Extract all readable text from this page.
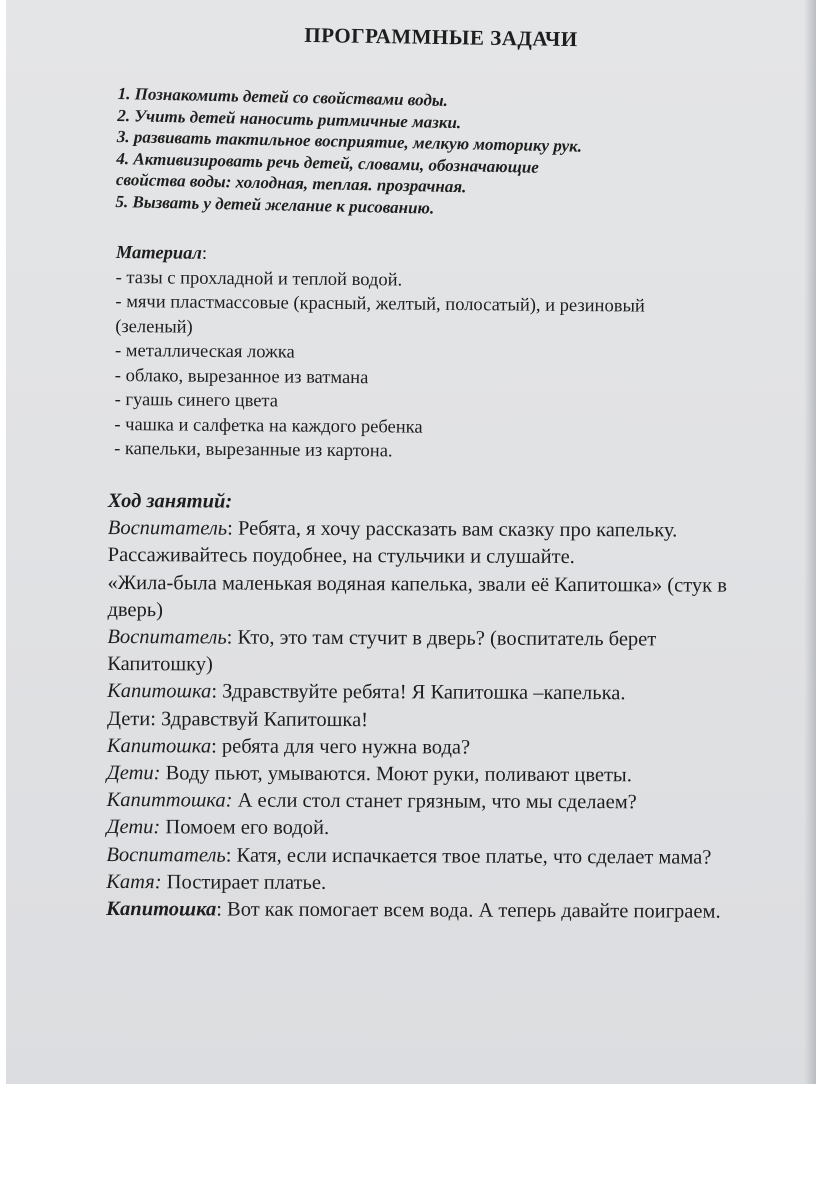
ПРОГРАММНЫЕ ЗАДАЧИ
1. Познакомить детей со свойствами воды.
2. Учить детей наносить ритмичные мазки.
3. развивать тактильное восприятие, мелкую моторику рук.
4. Активизировать речь детей, словами, обозначающие
свойства воды: холодная, теплая. прозрачная.
5. Вызвать у детей желание к рисованию.
Материал:
- тазы с прохладной и теплой водой.
- мячи пластмассовые (красный, желтый, полосатый), и резиновый
(зеленый)
- металлическая ложка
- облако, вырезанное из ватмана
- гуашь синего цвета
- чашка и салфетка на каждого ребенка
- капельки, вырезанные из картона.
Ход занятий:
Воспитатель: Ребята, я хочу рассказать вам сказку про капельку. Рассаживайтесь поудобнее, на стульчики и слушайте.
«Жила-была маленькая водяная капелька, звали её Капитошка» (стук в дверь)
Воспитатель: Кто, это там стучит в дверь? (воспитатель берет Капитошку)
Капитошка: Здравствуйте ребята! Я Капитошка –капелька.
Дети: Здравствуй Капитошка!
Капитошка: ребята для чего нужна вода?
Дети: Воду пьют, умываются. Моют руки, поливают цветы.
Капиттошка: А если стол станет грязным, что мы сделаем?
Дети: Помоем его водой.
Воспитатель: Катя, если испачкается твое платье, что сделает мама?
Катя: Постирает платье.
Капитошка: Вот как помогает всем вода. А теперь давайте поиграем.
